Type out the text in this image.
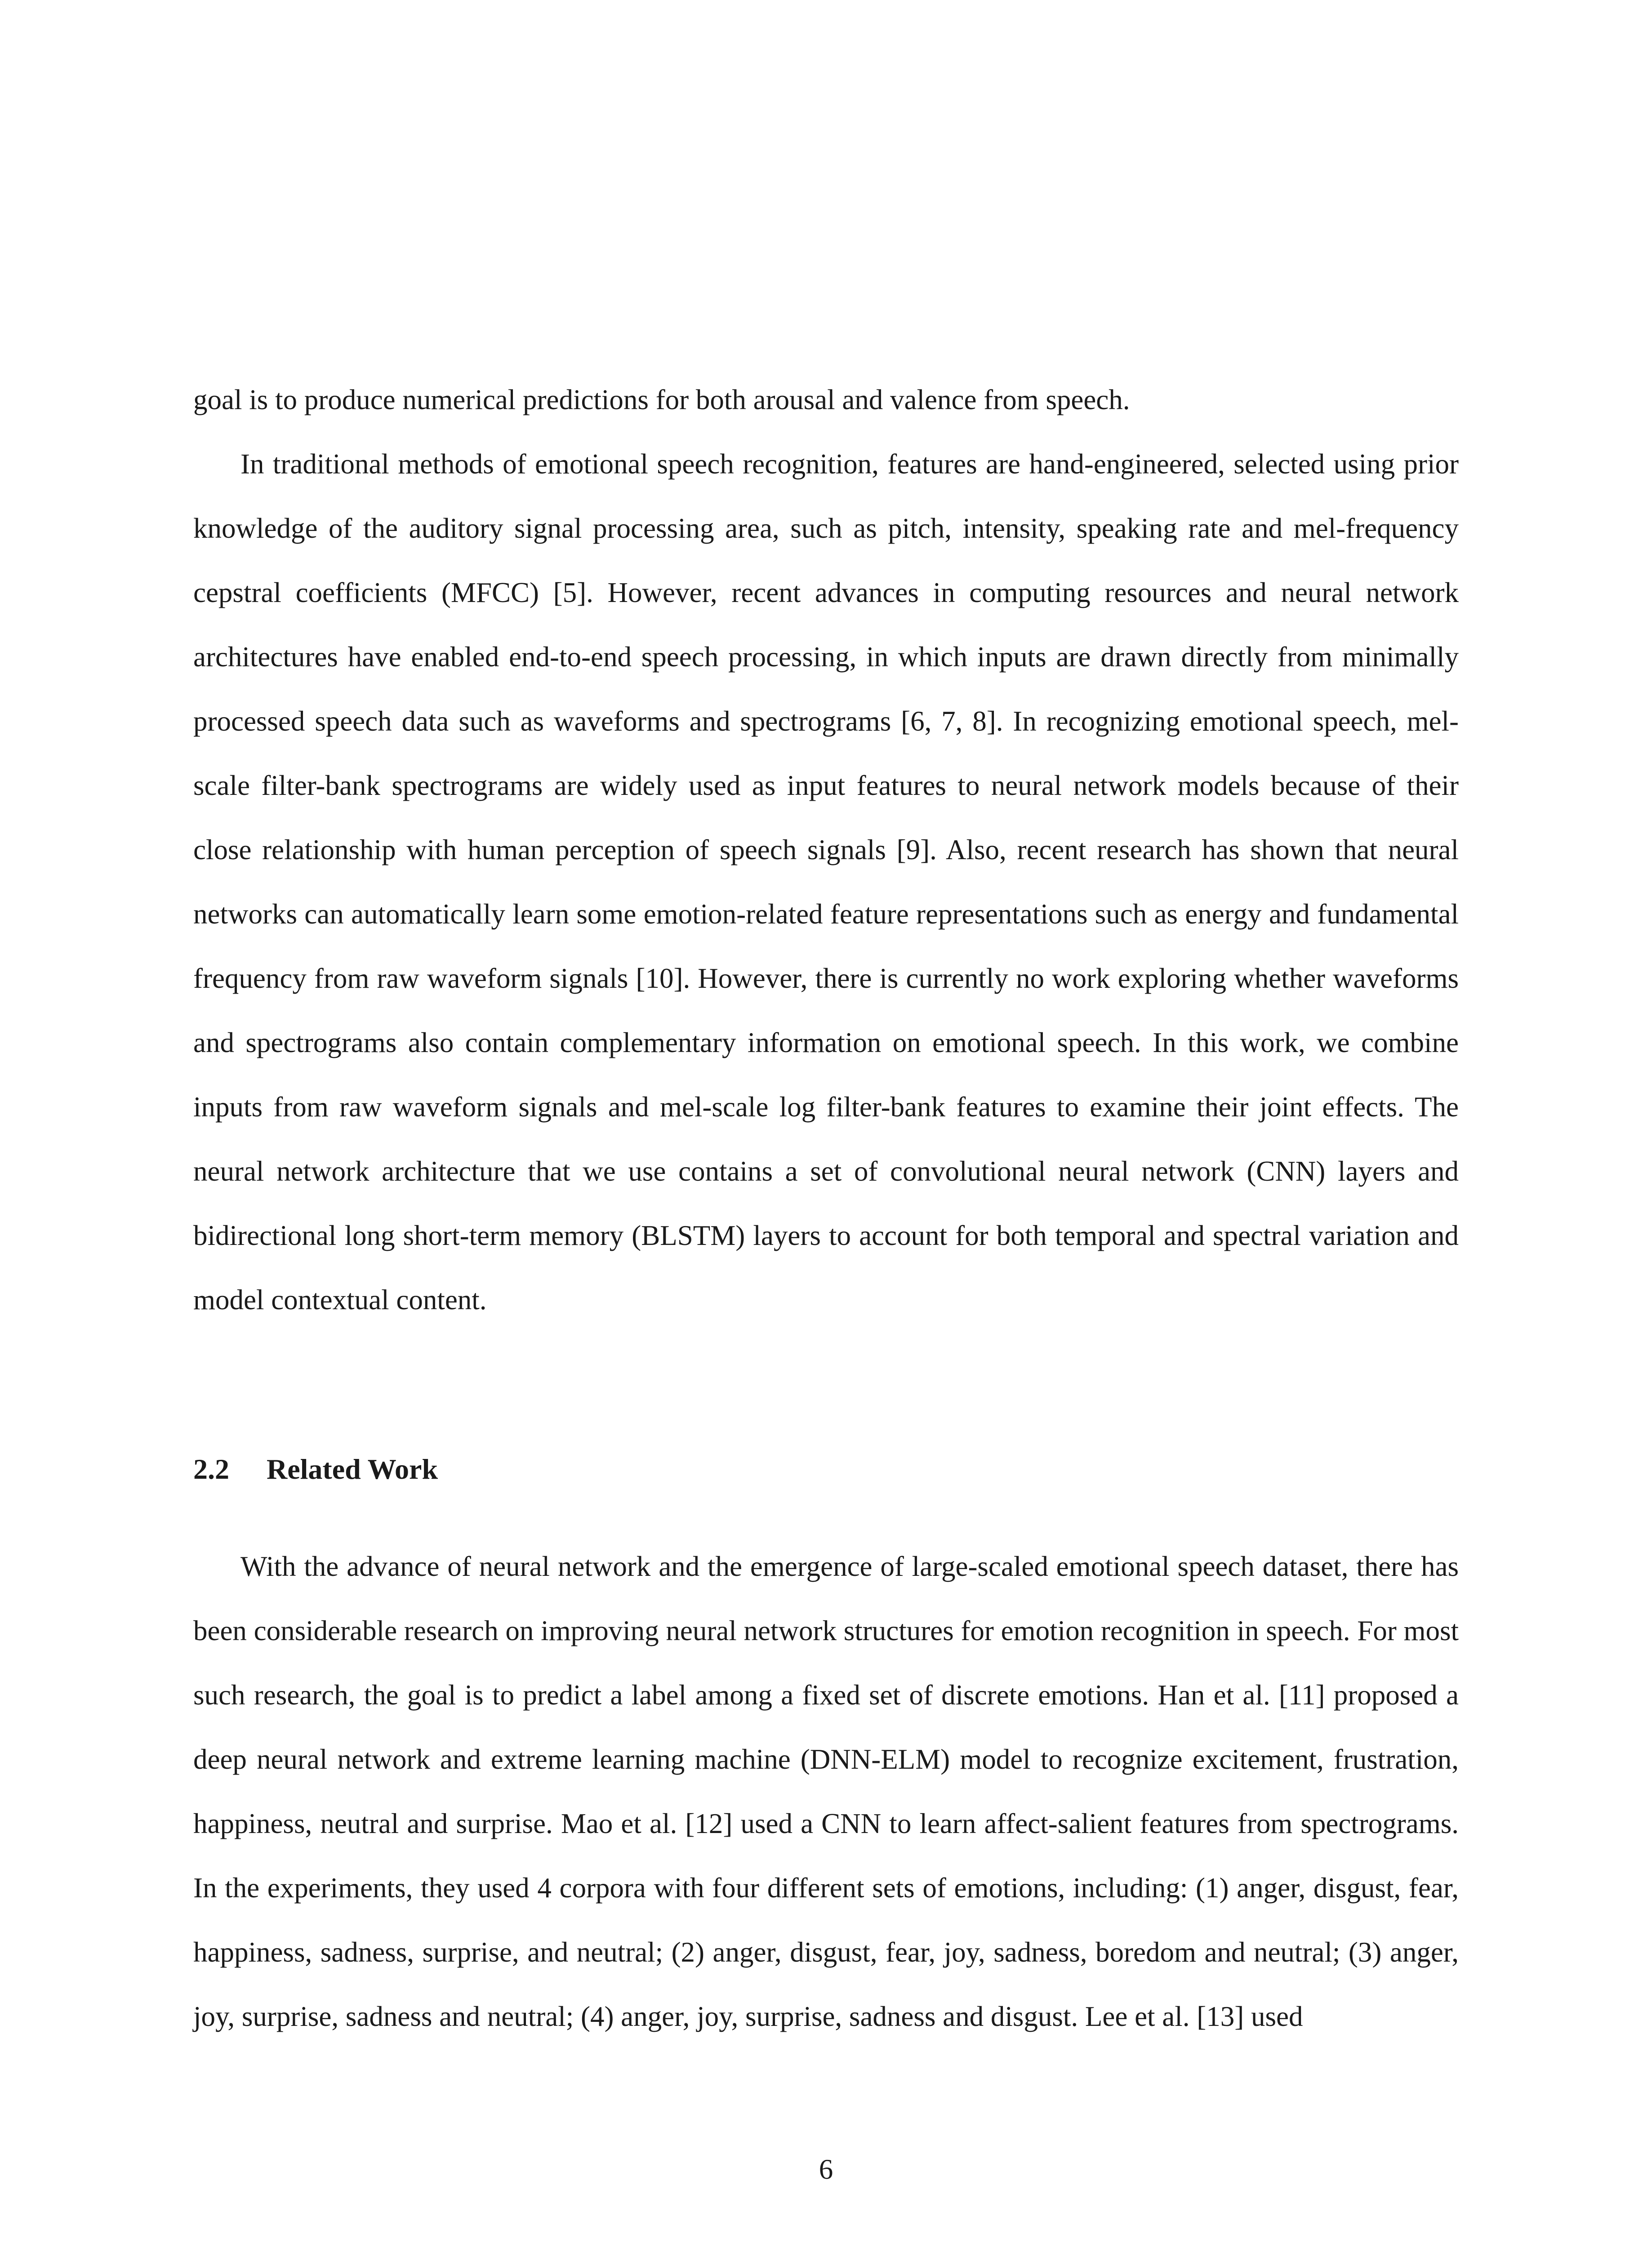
goal is to produce numerical predictions for both arousal and valence from speech.

In traditional methods of emotional speech recognition, features are hand-engineered, selected using prior knowledge of the auditory signal processing area, such as pitch, intensity, speaking rate and mel-frequency cepstral coefficients (MFCC) [5]. However, recent advances in computing resources and neural network architectures have enabled end-to-end speech processing, in which inputs are drawn directly from minimally processed speech data such as waveforms and spectrograms [6, 7, 8]. In recognizing emotional speech, mel-scale filter-bank spectrograms are widely used as input features to neural network models because of their close relationship with human perception of speech signals [9]. Also, recent research has shown that neural networks can automatically learn some emotion-related feature representations such as energy and fundamental frequency from raw waveform signals [10]. However, there is currently no work exploring whether waveforms and spectrograms also contain complementary information on emotional speech. In this work, we combine inputs from raw waveform signals and mel-scale log filter-bank features to examine their joint effects. The neural network architecture that we use contains a set of convolutional neural network (CNN) layers and bidirectional long short-term memory (BLSTM) layers to account for both temporal and spectral variation and model contextual content.

2.2 Related Work

With the advance of neural network and the emergence of large-scaled emotional speech dataset, there has been considerable research on improving neural network structures for emotion recognition in speech. For most such research, the goal is to predict a label among a fixed set of discrete emotions. Han et al. [11] proposed a deep neural network and extreme learning machine (DNN-ELM) model to recognize excitement, frustration, happiness, neutral and surprise. Mao et al. [12] used a CNN to learn affect-salient features from spectrograms. In the experiments, they used 4 corpora with four different sets of emotions, including: (1) anger, disgust, fear, happiness, sadness, surprise, and neutral; (2) anger, disgust, fear, joy, sadness, boredom and neutral; (3) anger, joy, surprise, sadness and neutral; (4) anger, joy, surprise, sadness and disgust. Lee et al. [13] used

6
